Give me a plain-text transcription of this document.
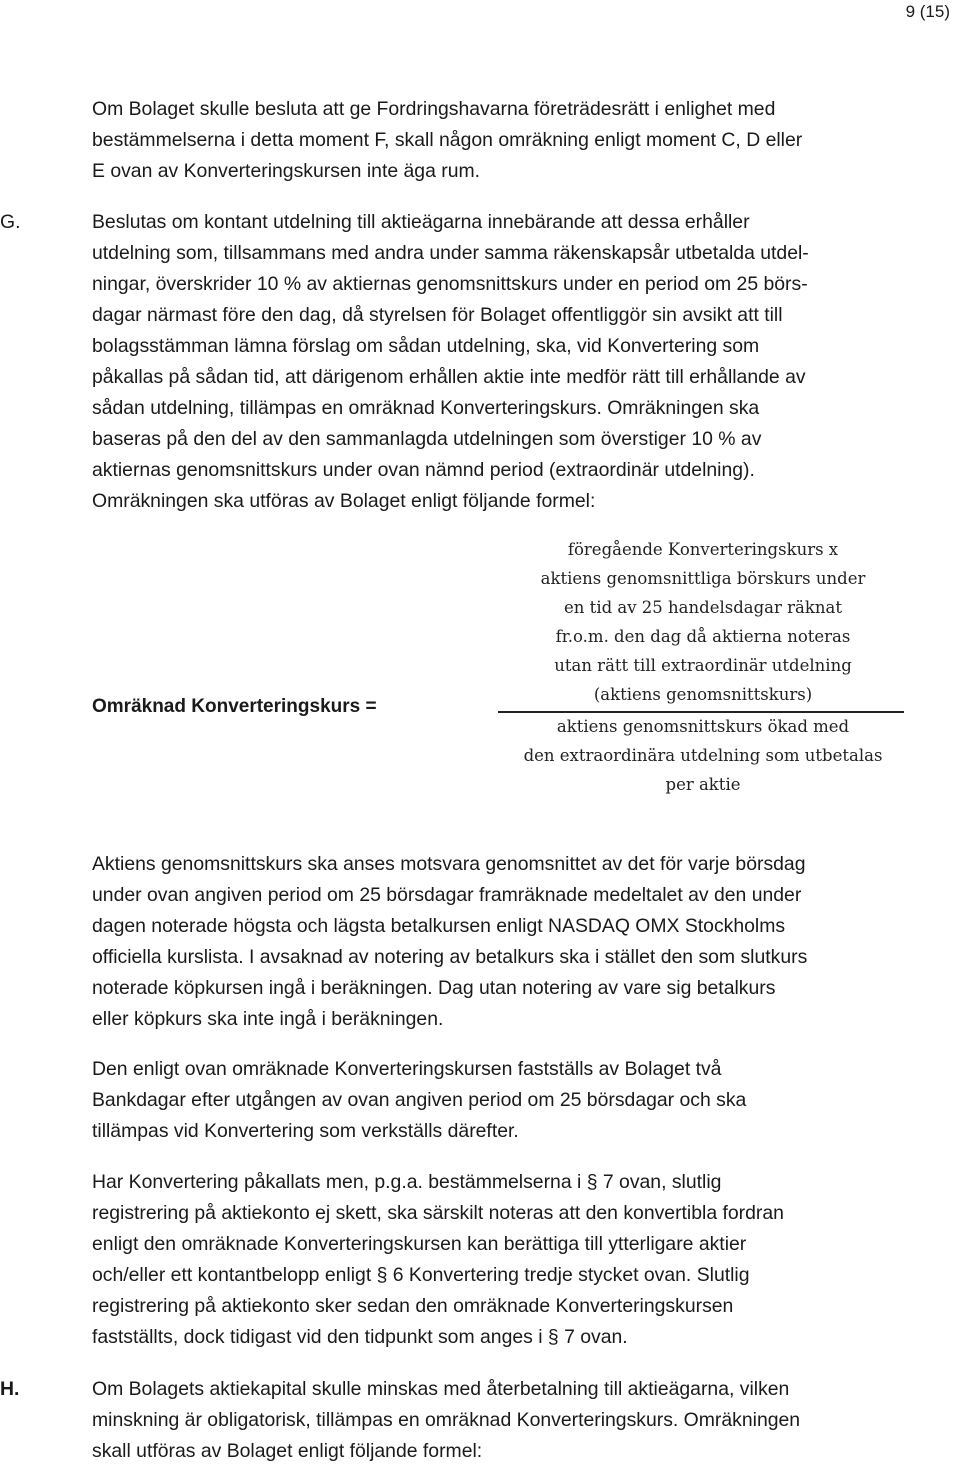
9 (15)
Om Bolaget skulle besluta att ge Fordringshavarna företrädesrätt i enlighet med
bestämmelserna i detta moment F, skall någon omräkning enligt moment C, D eller
E ovan av Konverteringskursen inte äga rum.
G.	Beslutas om kontant utdelning till aktieägarna innebärande att dessa erhåller
utdelning som, tillsammans med andra under samma räkenskapsår utbetalda utdel-
ningar, överskrider 10 % av aktiernas genomsnittskurs under en period om 25 börs-
dagar närmast före den dag, då styrelsen för Bolaget offentliggör sin avsikt att till
bolagsstämman lämna förslag om sådan utdelning, ska, vid Konvertering som
påkallas på sådan tid, att därigenom erhållen aktie inte medför rätt till erhållande av
sådan utdelning, tillämpas en omräknad Konverteringskurs. Omräkningen ska
baseras på den del av den sammanlagda utdelningen som överstiger 10 % av
aktiernas genomsnittskurs under ovan nämnd period (extraordinär utdelning).
Omräkningen ska utföras av Bolaget enligt följande formel:
Omräknad Konverteringskurs =
föregående Konverteringskurs x
aktiens genomsnittliga börskurs under
en tid av 25 handelsdagar räknat
fr.o.m. den dag då aktierna noteras
utan rätt till extraordinär utdelning
(aktiens genomsnittskurs)
aktiens genomsnittskurs ökad med
den extraordinära utdelning som utbetalas
per aktie
Aktiens genomsnittskurs ska anses motsvara genomsnittet av det för varje börsdag
under ovan angiven period om 25 börsdagar framräknade medeltalet av den under
dagen noterade högsta och lägsta betalkursen enligt NASDAQ OMX Stockholms
officiella kurslista. I avsaknad av notering av betalkurs ska i stället den som slutkurs
noterade köpkursen ingå i beräkningen. Dag utan notering av vare sig betalkurs
eller köpkurs ska inte ingå i beräkningen.
Den enligt ovan omräknade Konverteringskursen fastställs av Bolaget två
Bankdagar efter utgången av ovan angiven period om 25 börsdagar och ska
tillämpas vid Konvertering som verkställs därefter.
Har Konvertering påkallats men, p.g.a. bestämmelserna i § 7 ovan, slutlig
registrering på aktiekonto ej skett, ska särskilt noteras att den konvertibla fordran
enligt den omräknade Konverteringskursen kan berättiga till ytterligare aktier
och/eller ett kontantbelopp enligt § 6 Konvertering tredje stycket ovan. Slutlig
registrering på aktiekonto sker sedan den omräknade Konverteringskursen
fastställts, dock tidigast vid den tidpunkt som anges i § 7 ovan.
H.	Om Bolagets aktiekapital skulle minskas med återbetalning till aktieägarna, vilken
minskning är obligatorisk, tillämpas en omräknad Konverteringskurs. Omräkningen
skall utföras av Bolaget enligt följande formel:
